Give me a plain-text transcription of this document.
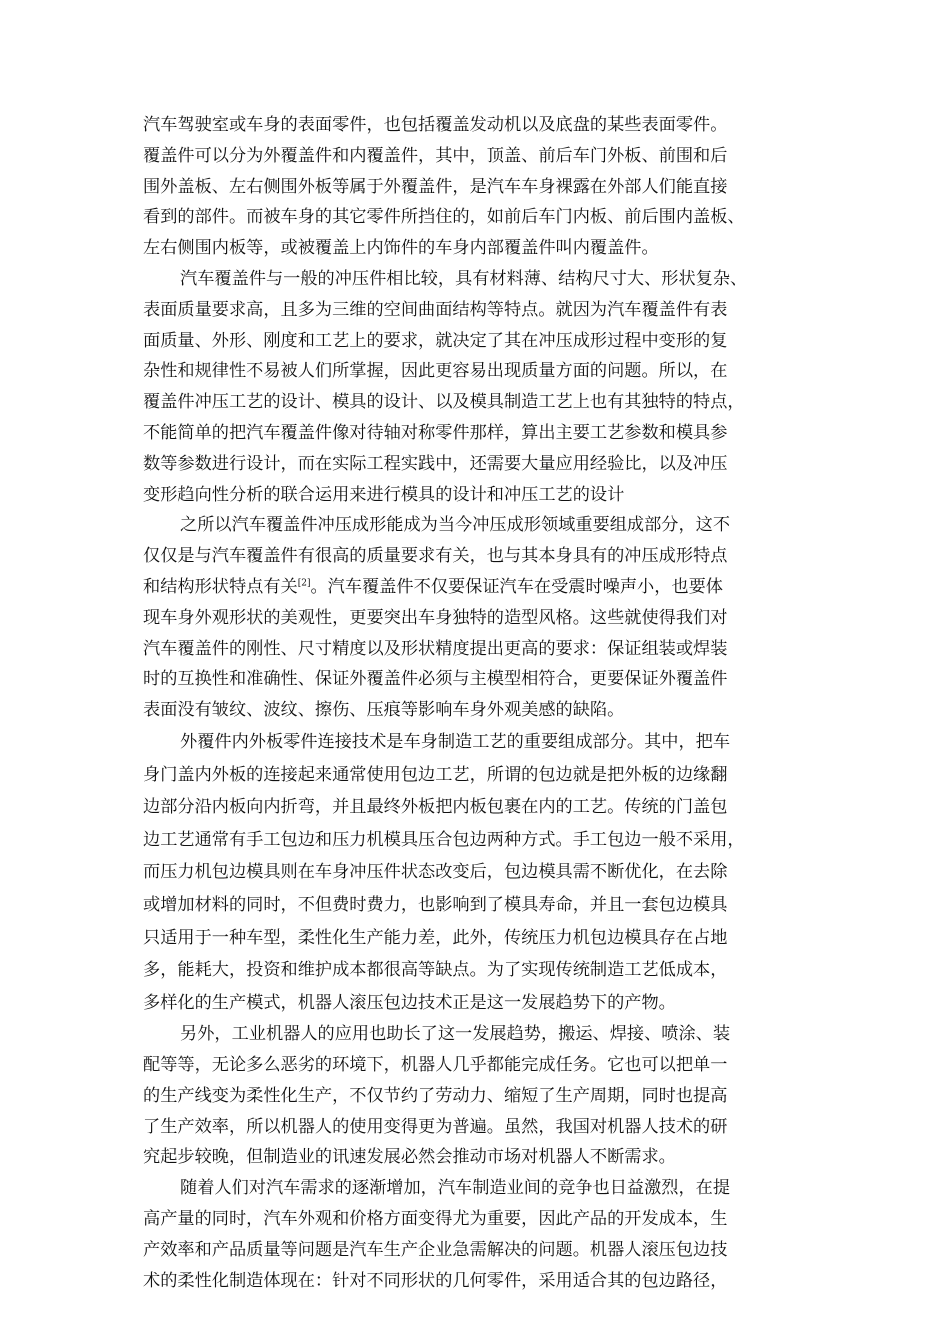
汽车驾驶室或车身的表面零件，也包括覆盖发动机以及底盘的某些表面零件。
覆盖件可以分为外覆盖件和内覆盖件，其中，顶盖、前后车门外板、前围和后
围外盖板、左右侧围外板等属于外覆盖件，是汽车车身裸露在外部人们能直接
看到的部件。而被车身的其它零件所挡住的，如前后车门内板、前后围内盖板、
左右侧围内板等，或被覆盖上内饰件的车身内部覆盖件叫内覆盖件。
汽车覆盖件与一般的冲压件相比较，具有材料薄、结构尺寸大、形状复杂、
表面质量要求高，且多为三维的空间曲面结构等特点。就因为汽车覆盖件有表
面质量、外形、刚度和工艺上的要求，就决定了其在冲压成形过程中变形的复
杂性和规律性不易被人们所掌握，因此更容易出现质量方面的问题。所以，在
覆盖件冲压工艺的设计、模具的设计、以及模具制造工艺上也有其独特的特点，
不能简单的把汽车覆盖件像对待轴对称零件那样，算出主要工艺参数和模具参
数等参数进行设计，而在实际工程实践中，还需要大量应用经验比，以及冲压
变形趋向性分析的联合运用来进行模具的设计和冲压工艺的设计
之所以汽车覆盖件冲压成形能成为当今冲压成形领域重要组成部分，这不
仅仅是与汽车覆盖件有很高的质量要求有关，也与其本身具有的冲压成形特点
和结构形状特点有关[2]。汽车覆盖件不仅要保证汽车在受震时噪声小，也要体
现车身外观形状的美观性，更要突出车身独特的造型风格。这些就使得我们对
汽车覆盖件的刚性、尺寸精度以及形状精度提出更高的要求：保证组装或焊装
时的互换性和准确性、保证外覆盖件必须与主模型相符合，更要保证外覆盖件
表面没有皱纹、波纹、擦伤、压痕等影响车身外观美感的缺陷。
外覆件内外板零件连接技术是车身制造工艺的重要组成部分。其中，把车
身门盖内外板的连接起来通常使用包边工艺，所谓的包边就是把外板的边缘翻
边部分沿内板向内折弯，并且最终外板把内板包裹在内的工艺。传统的门盖包
边工艺通常有手工包边和压力机模具压合包边两种方式。手工包边一般不采用，
而压力机包边模具则在车身冲压件状态改变后，包边模具需不断优化，在去除
或增加材料的同时，不但费时费力，也影响到了模具寿命，并且一套包边模具
只适用于一种车型，柔性化生产能力差，此外，传统压力机包边模具存在占地
多，能耗大，投资和维护成本都很高等缺点。为了实现传统制造工艺低成本，
多样化的生产模式，机器人滚压包边技术正是这一发展趋势下的产物。
另外，工业机器人的应用也助长了这一发展趋势，搬运、焊接、喷涂、装
配等等，无论多么恶劣的环境下，机器人几乎都能完成任务。它也可以把单一
的生产线变为柔性化生产，不仅节约了劳动力、缩短了生产周期，同时也提高
了生产效率，所以机器人的使用变得更为普遍。虽然，我国对机器人技术的研
究起步较晚，但制造业的讯速发展必然会推动市场对机器人不断需求。
随着人们对汽车需求的逐渐增加，汽车制造业间的竞争也日益激烈，在提
高产量的同时，汽车外观和价格方面变得尤为重要，因此产品的开发成本，生
产效率和产品质量等问题是汽车生产企业急需解决的问题。机器人滚压包边技
术的柔性化制造体现在：针对不同形状的几何零件，采用适合其的包边路径，
